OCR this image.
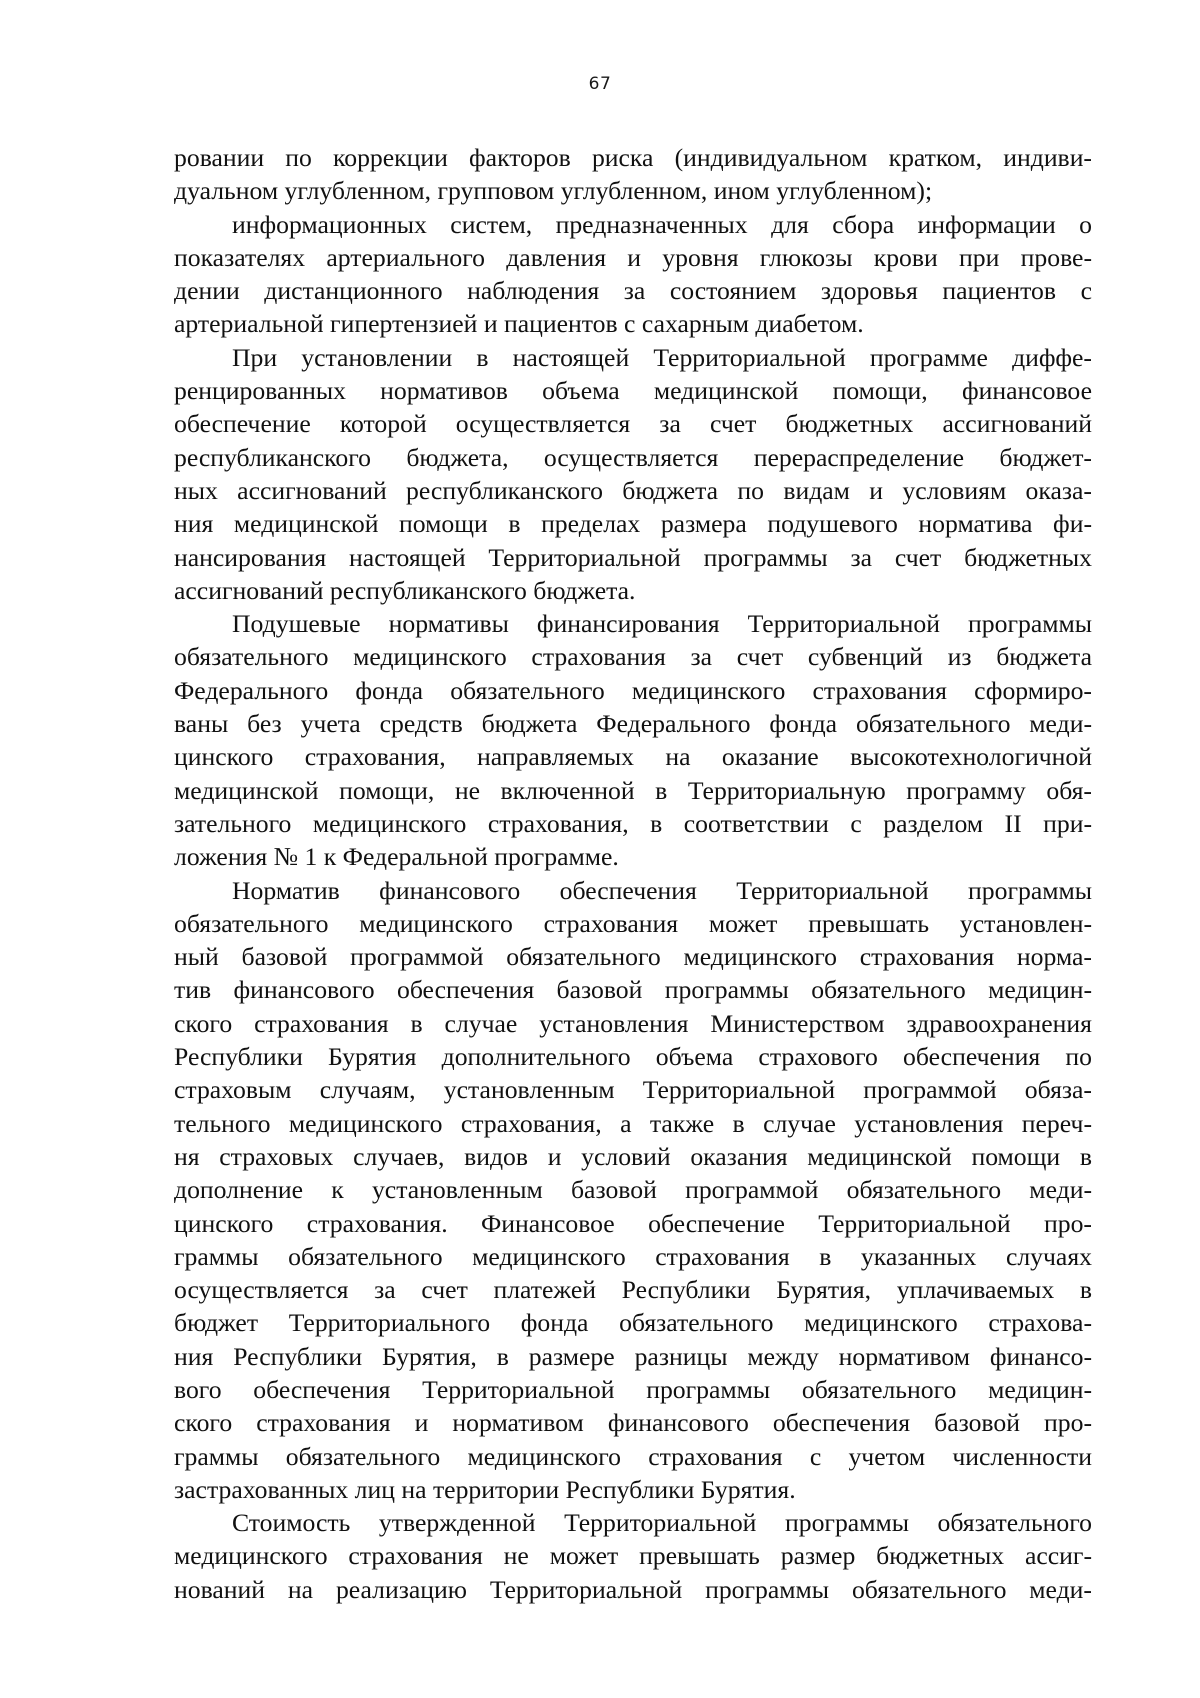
67
ровании по коррекции факторов риска (индивидуальном кратком, индиви-
дуальном углубленном, групповом углубленном, ином углубленном);
информационных систем, предназначенных для сбора информации о
показателях артериального давления и уровня глюкозы крови при прове-
дении дистанционного наблюдения за состоянием здоровья пациентов с
артериальной гипертензией и пациентов с сахарным диабетом.
При установлении в настоящей Территориальной программе диффе-
ренцированных нормативов объема медицинской помощи, финансовое
обеспечение которой осуществляется за счет бюджетных ассигнований
республиканского бюджета, осуществляется перераспределение бюджет-
ных ассигнований республиканского бюджета по видам и условиям оказа-
ния медицинской помощи в пределах размера подушевого норматива фи-
нансирования настоящей Территориальной программы за счет бюджетных
ассигнований республиканского бюджета.
Подушевые нормативы финансирования Территориальной программы
обязательного медицинского страхования за счет субвенций из бюджета
Федерального фонда обязательного медицинского страхования сформиро-
ваны без учета средств бюджета Федерального фонда обязательного меди-
цинского страхования, направляемых на оказание высокотехнологичной
медицинской помощи, не включенной в Территориальную программу обя-
зательного медицинского страхования, в соответствии с разделом II при-
ложения № 1 к Федеральной программе.
Норматив финансового обеспечения Территориальной программы
обязательного медицинского страхования может превышать установлен-
ный базовой программой обязательного медицинского страхования норма-
тив финансового обеспечения базовой программы обязательного медицин-
ского страхования в случае установления Министерством здравоохранения
Республики Бурятия дополнительного объема страхового обеспечения по
страховым случаям, установленным Территориальной программой обяза-
тельного медицинского страхования, а также в случае установления переч-
ня страховых случаев, видов и условий оказания медицинской помощи в
дополнение к установленным базовой программой обязательного меди-
цинского страхования. Финансовое обеспечение Территориальной про-
граммы обязательного медицинского страхования в указанных случаях
осуществляется за счет платежей Республики Бурятия, уплачиваемых в
бюджет Территориального фонда обязательного медицинского страхова-
ния Республики Бурятия, в размере разницы между нормативом финансо-
вого обеспечения Территориальной программы обязательного медицин-
ского страхования и нормативом финансового обеспечения базовой про-
граммы обязательного медицинского страхования с учетом численности
застрахованных лиц на территории Республики Бурятия.
Стоимость утвержденной Территориальной программы обязательного
медицинского страхования не может превышать размер бюджетных ассиг-
нований на реализацию Территориальной программы обязательного меди-
